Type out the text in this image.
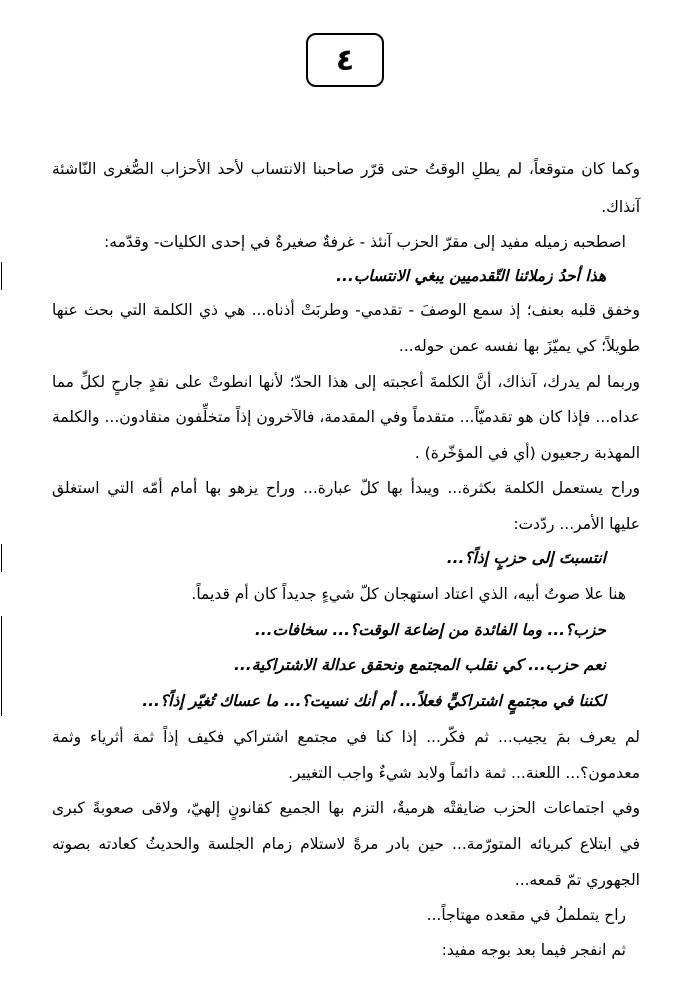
٤
وكما كان متوقعاً، لم يطلِ الوقتُ حتى قرّر صاحبنا الانتساب لأحد الأحزاب الصُّغرى النّاشئة
آنذاك.
اصطحبه زميله مفيد إلى مقرّ الحزب آنئذ - غرفةٌ صغيرةٌ في إحدى الكليات- وقدّمه:
هذا أحدُ زملائنا التّقدميين يبغي الانتساب...
وخفق قلبه بعنف؛ إذ سمع الوصفَ - تقدمي- وطربَتْ أذناه... هي ذي الكلمة التي بحث عنها
طويلاً؛ كي يميّزَ بها نفسه عمن حوله...
وربما لم يدرك، آنذاك، أنَّ الكلمةَ أعجبته إلى هذا الحدّ؛ لأنها انطوتْ على نقدٍ جارحٍ لكلِّ مما
عداه... فإذا كان هو تقدميّاً... متقدماً وفي المقدمة، فالآخرون إذاً متخلِّفون منقادون... والكلمة
المهذبة رجعيون (أي في المؤخّرة) .
وراح يستعمل الكلمة بكثرة... ويبدأ بها كلّ عبارة... وراح يزهو بها أمام أمّه التي استغلق
عليها الأمر... ردّدت:
انتسبتَ إلى حزبٍ إذاً؟...
هنا علا صوتُ أبيه، الذي اعتاد استهجان كلّ شيءٍ جديداً كان أم قديماً.
حزب؟... وما الفائدة من إضاعة الوقت؟... سخافات...
نعم حزب... كي نقلب المجتمع ونحقق عدالة الاشتراكية...
لكننا في مجتمعٍ اشتراكيٍّ فعلاً... أم أنك نسيت؟... ما عساك تُغيّر إذاً؟...
لم يعرف بمَ يجيب... ثم فكّر... إذا كنا في مجتمع اشتراكي فكيف إذاً ثمة أثرياء وثمة
معدمون؟... اللعنة... ثمة دائماً ولابد شيءٌ واجب التغيير.
وفي اجتماعات الحزب ضايقتْه هرميةٌ، التزم بها الجميع كقانونٍ إلهيّ، ولاقى صعوبةً كبرى
في ابتلاع كبريائه المتورّمة... حين بادر مرةً لاستلام زمام الجلسة والحديثُ كعادته بصوته
الجهوري تمّ قمعه...
راح يتململُ في مقعده مهتاجاً...
ثم انفجر فيما بعد بوجه مفيد:
